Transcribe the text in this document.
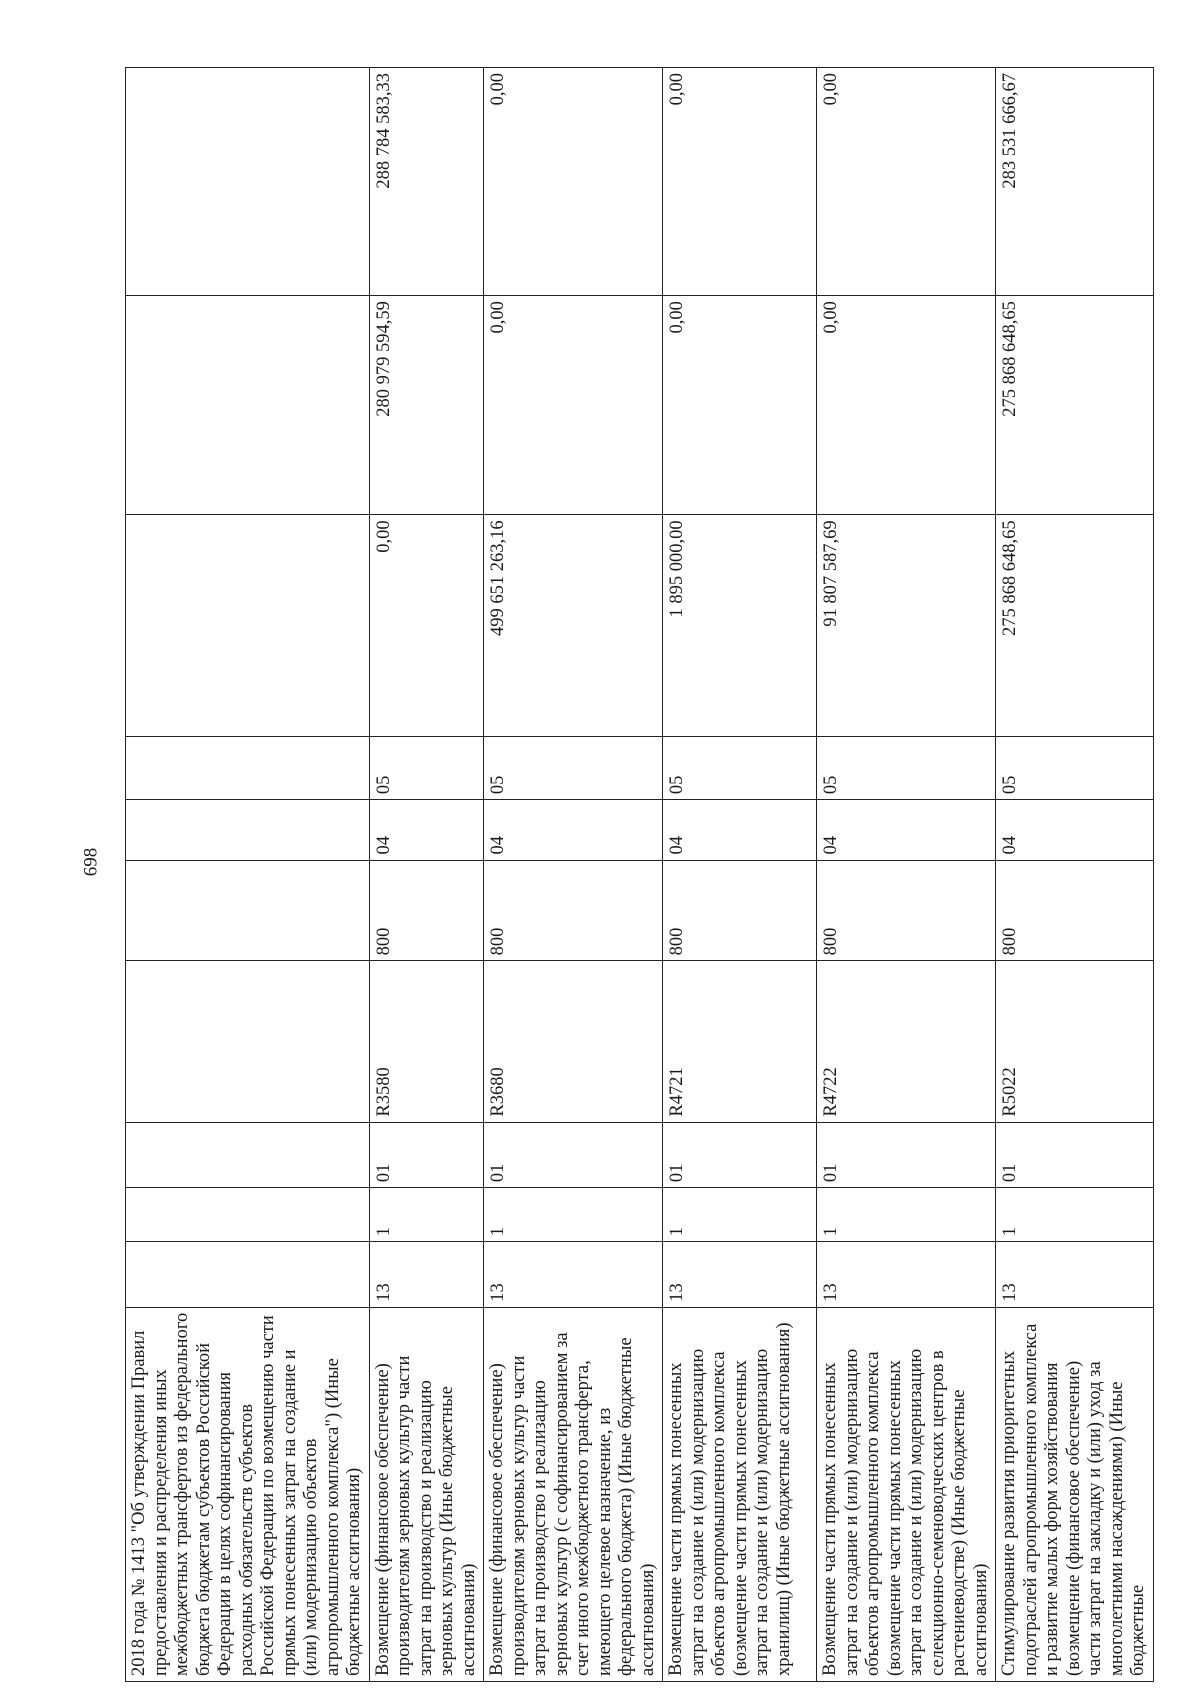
698
2018 года № 1413 "Об утверждении Правил предоставления и распределения иных межбюджетных трансфертов из федерального бюджета бюджетам субъектов Российской Федерации в целях софинансирования расходных обязательств субъектов Российской Федерации по возмещению части прямых понесенных затрат на создание и (или) модернизацию объектов агропромышленного комплекса") (Иные бюджетные ассигнования)										
Возмещение (финансовое обеспечение) производителям зерновых культур части затрат на производство и реализацию зерновых культур (Иные бюджетные ассигнования)	13	1	01	R3580	800	04	05	0,00	280 979 594,59	288 784 583,33
Возмещение (финансовое обеспечение) производителям зерновых культур части затрат на производство и реализацию зерновых культур (с софинансированием за счет иного межбюджетного трансферта, имеющего целевое назначение, из федерального бюджета) (Иные бюджетные ассигнования)	13	1	01	R3680	800	04	05	499 651 263,16	0,00	0,00
Возмещение части прямых понесенных затрат на создание и (или) модернизацию объектов агропромышленного комплекса (возмещение части прямых понесенных затрат на создание и (или) модернизацию хранилищ) (Иные бюджетные ассигнования)	13	1	01	R4721	800	04	05	1 895 000,00	0,00	0,00
Возмещение части прямых понесенных затрат на создание и (или) модернизацию объектов агропромышленного комплекса (возмещение части прямых понесенных затрат на создание и (или) модернизацию селекционно-семеноводческих центров в растениеводстве) (Иные бюджетные ассигнования)	13	1	01	R4722	800	04	05	91 807 587,69	0,00	0,00
Стимулирование развития приоритетных подотраслей агропромышленного комплекса и развитие малых форм хозяйствования (возмещение (финансовое обеспечение) части затрат на закладку и (или) уход за многолетними насаждениями) (Иные бюджетные	13	1	01	R5022	800	04	05	275 868 648,65	275 868 648,65	283 531 666,67
